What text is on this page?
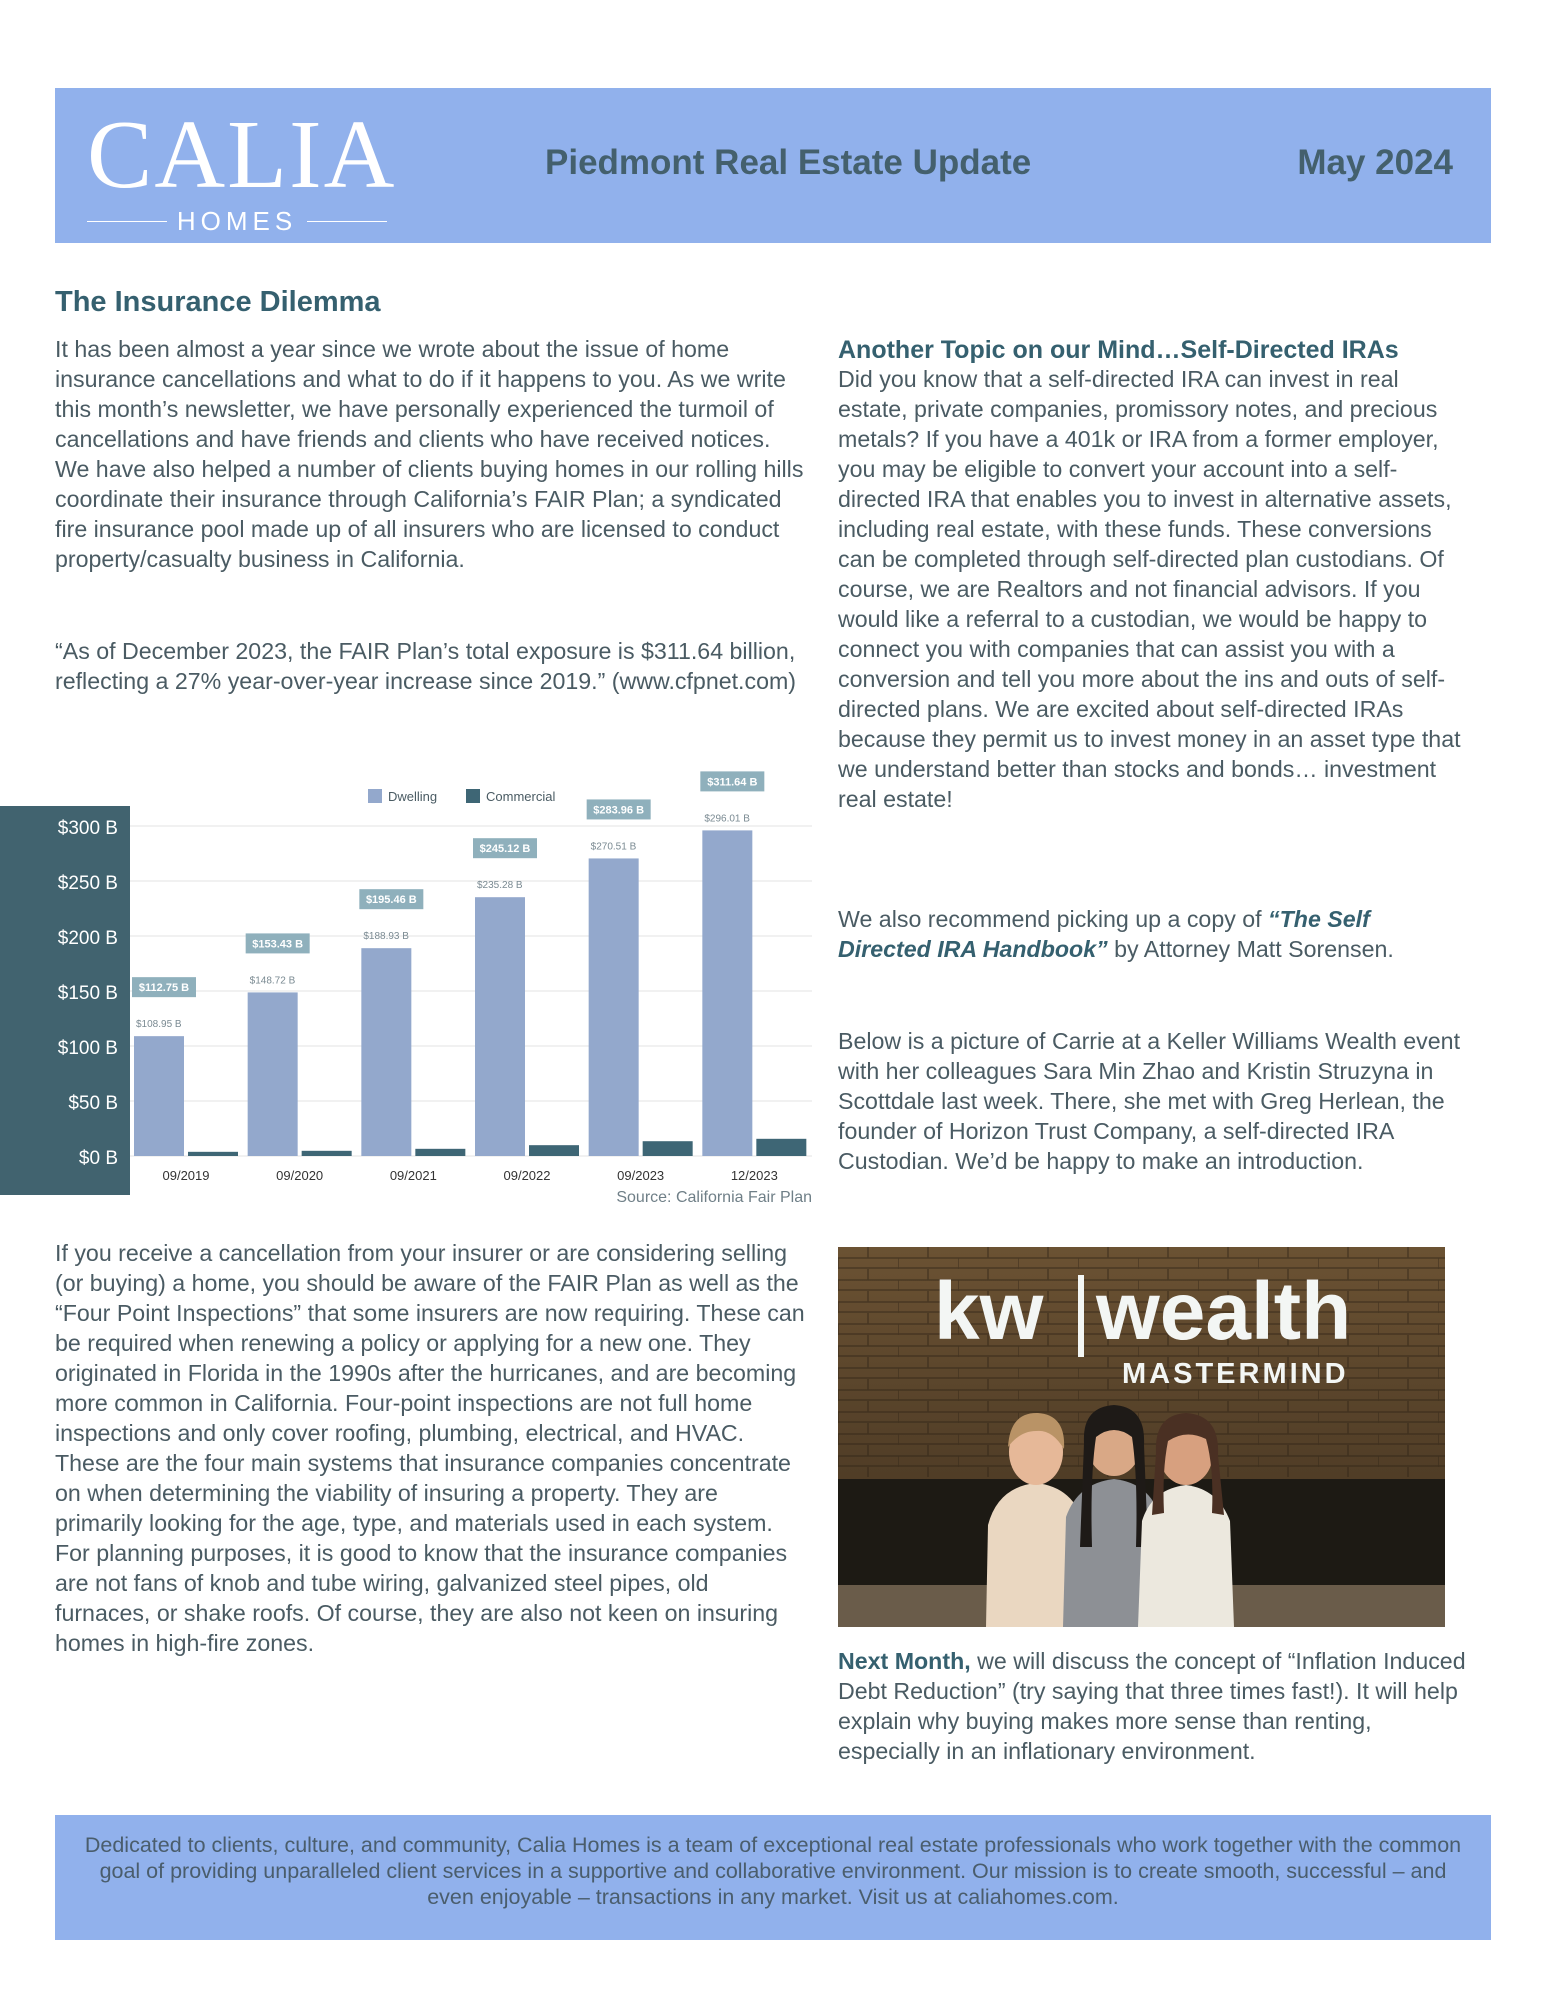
CALIA
HOMES
Piedmont Real Estate Update	May 2024
The Insurance Dilemma
It has been almost a year since we wrote about the issue of home insurance cancellations and what to do if it happens to you. As we write this month’s newsletter, we have personally experienced the turmoil of cancellations and have friends and clients who have received notices. We have also helped a number of clients buying homes in our rolling hills coordinate their insurance through California’s FAIR Plan; a syndicated fire insurance pool made up of all insurers who are licensed to conduct property/casualty business in California.
“As of December 2023, the FAIR Plan’s total exposure is $311.64 billion, reflecting a 27% year-over-year increase since 2019.” (www.cfpnet.com)
$0 B
$50 B
$100 B
$150 B
$200 B
$250 B
$300 B
$108.95 B
$112.75 B
$148.72 B
$153.43 B
$188.93 B
$195.46 B
$235.28 B
$245.12 B	$270.51 B
$283.96 B
$296.01 B
$311.64 B
09/2019	09/2020	09/2021	09/2022	09/2023	12/2023
Dwelling	Commercial
Source: California Fair Plan
If you receive a cancellation from your insurer or are considering selling (or buying) a home, you should be aware of the FAIR Plan as well as the “Four Point Inspections” that some insurers are now requiring. These can be required when renewing a policy or applying for a new one. They originated in Florida in the 1990s after the hurricanes, and are becoming more common in California. Four-point inspections are not full home inspections and only cover roofing, plumbing, electrical, and HVAC. These are the four main systems that insurance companies concentrate on when determining the viability of insuring a property. They are primarily looking for the age, type, and materials used in each system. For planning purposes, it is good to know that the insurance companies are not fans of knob and tube wiring, galvanized steel pipes, old furnaces, or shake roofs. Of course, they are also not keen on insuring homes in high-fire zones.
Another Topic on our Mind…Self-Directed IRAs
Did you know that a self-directed IRA can invest in real estate, private companies, promissory notes, and precious metals? If you have a 401k or IRA from a former employer, you may be eligible to convert your account into a self-directed IRA that enables you to invest in alternative assets, including real estate, with these funds. These conversions can be completed through self-directed plan custodians. Of course, we are Realtors and not financial advisors. If you would like a referral to a custodian, we would be happy to connect you with companies that can assist you with a conversion and tell you more about the ins and outs of self-directed plans. We are excited about self-directed IRAs because they permit us to invest money in an asset type that we understand better than stocks and bonds… investment real estate!
We also recommend picking up a copy of “The Self Directed IRA Handbook” by Attorney Matt Sorensen.
Below is a picture of Carrie at a Keller Williams Wealth event with her colleagues Sara Min Zhao and Kristin Struzyna in Scottdale last week. There, she met with Greg Herlean, the founder of Horizon Trust Company, a self-directed IRA Custodian. We’d be happy to make an introduction.
kw wealth
MASTERMIND
Next Month, we will discuss the concept of “Inflation Induced Debt Reduction” (try saying that three times fast!). It will help explain why buying makes more sense than renting, especially in an inflationary environment.
Dedicated to clients, culture, and community, Calia Homes is a team of exceptional real estate professionals who work together with the common goal of providing unparalleled client services in a supportive and collaborative environment. Our mission is to create smooth, successful – and even enjoyable – transactions in any market. Visit us at caliahomes.com.
